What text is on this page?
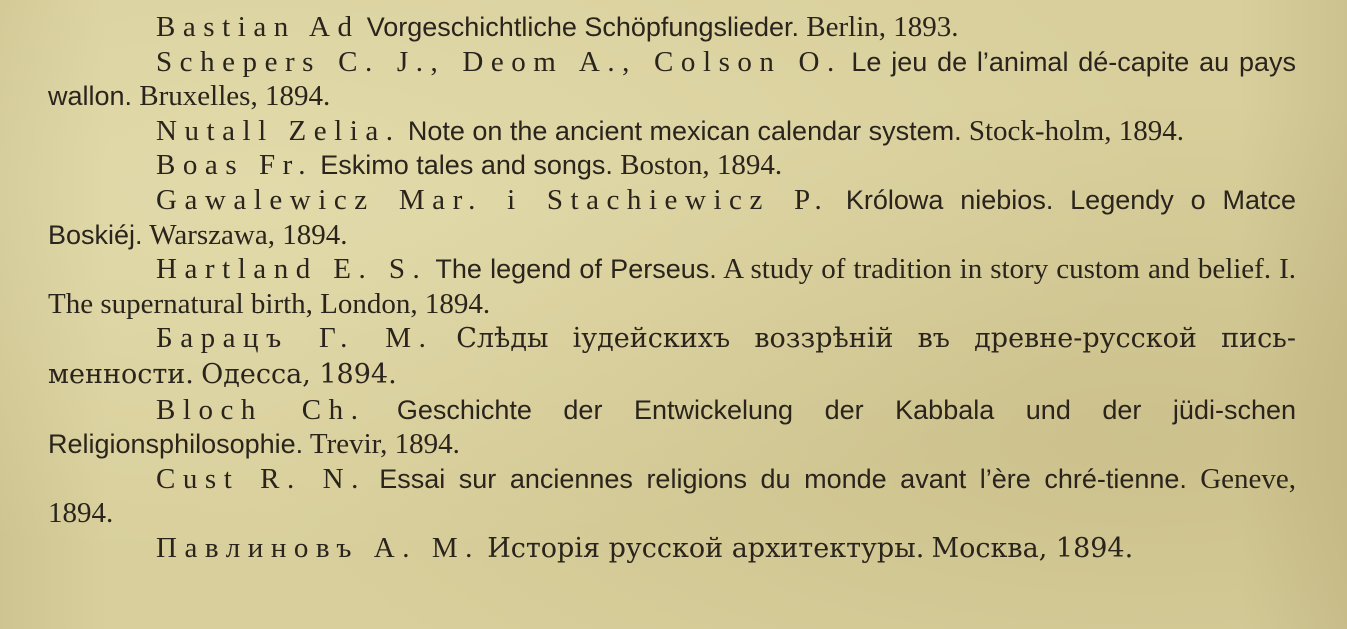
Bastian Ad Vorgeschichtliche Schöpfungslieder. Berlin, 1893.

Schepers C. J., Deom A., Colson O. Le jeu de l’animal dé-capite au pays wallon. Bruxelles, 1894.

Nutall Zelia. Note on the ancient mexican calendar system. Stock-holm, 1894.

Boas Fr. Eskimo tales and songs. Boston, 1894.

Gawalewicz Mar. i Stachiewicz P. Królowa niebios. Legendy o Matce Boskiéj. Warszawa, 1894.

Hartland E. S. The legend of Perseus. A study of tradition in story custom and belief. I. The supernatural birth, London, 1894.

Барацъ Г. М. Слѣды іудейскихъ воззрѣній въ древне-русской пись-менности. Одесса, 1894.

Bloch Ch. Geschichte der Entwickelung der Kabbala und der jüdi-schen Religionsphilosophie. Trevir, 1894.

Cust R. N. Essai sur anciennes religions du monde avant l’ère chré-tienne. Geneve, 1894.

Павлиновъ А. М. Исторія русской архитектуры. Москва, 1894.
